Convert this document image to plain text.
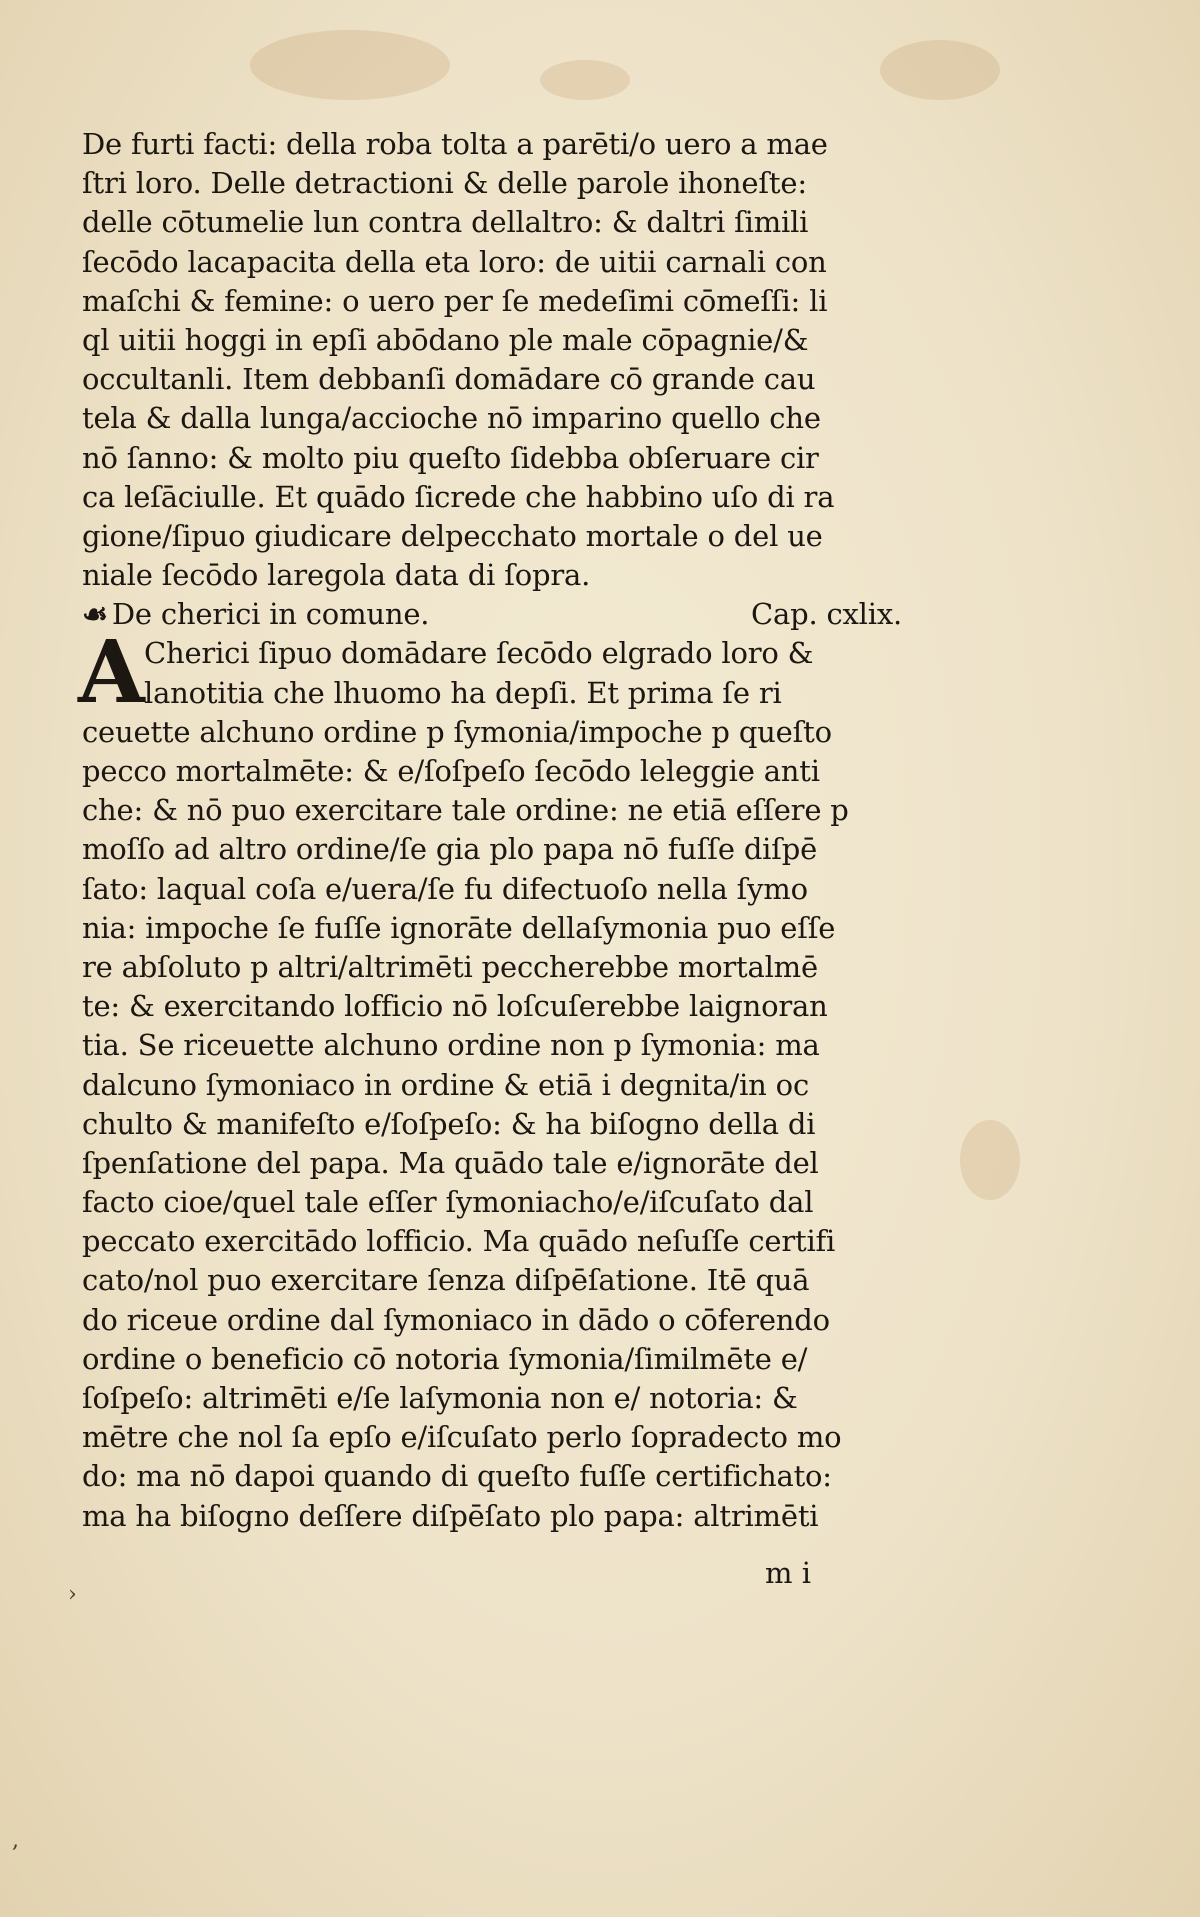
De furti facti: della roba tolta a parēti/o uero a mae
ſtri loro. Delle detractioni & delle parole ihoneſte:
delle cōtumelie lun contra dellaltro: & daltri ſimili
ſecōdo lacapacita della eta loro: de uitii carnali con
maſchi & femine: o uero per ſe medeſimi cōmeſſi: li
ql uitii hoggi in epſi abōdano ple male cōpagnie/&
occultanli. Item debbanſi domādare cō grande cau
tela & dalla lunga/accioche nō imparino quello che
nō ſanno: & molto piu queſto ſidebba obſeruare cir
ca leſāciulle. Et quādo ſicrede che habbino uſo di ra
gione/ſipuo giudicare delpecchato mortale o del ue
niale ſecōdo laregola data di ſopra.
☙ De cherici in comune.	Cap. cxlix.
A Cherici ſipuo domādare ſecōdo elgrado loro &
lanotitia che lhuomo ha depſi. Et prima ſe ri
ceuette alchuno ordine p ſymonia/impoche p queſto
pecco mortalmēte: & e/ſoſpeſo ſecōdo leleggie anti
che: & nō puo exercitare tale ordine: ne etiā eſſere p
moſſo ad altro ordine/ſe gia plo papa nō fuſſe diſpē
ſato: laqual coſa e/uera/ſe fu difectuoſo nella ſymo
nia: impoche ſe fuſſe ignorāte dellaſymonia puo eſſe
re abſoluto p altri/altrimēti peccherebbe mortalmē
te: & exercitando lofficio nō loſcuſerebbe laignoran
tia. Se riceuette alchuno ordine non p ſymonia: ma
dalcuno ſymoniaco in ordine & etiā i degnita/in oc
chulto & manifeſto e/ſoſpeſo: & ha biſogno della di
ſpenſatione del papa. Ma quādo tale e/ignorāte del
facto cioe/quel tale eſſer ſymoniacho/e/iſcuſato dal
peccato exercitādo lofficio. Ma quādo neſuſſe certifi
cato/nol puo exercitare ſenza diſpēſatione. Itē quā
do riceue ordine dal ſymoniaco in dādo o cōferendo
ordine o beneficio cō notoria ſymonia/ſimilmēte e/
ſoſpeſo: altrimēti e/ſe laſymonia non e/ notoria: &
mētre che nol ſa epſo e/iſcuſato perlo ſopradecto mo
do: ma nō dapoi quando di queſto fuſſe certifichato:
ma ha biſogno deſſere diſpēſato plo papa: altrimēti
m i
›
,
